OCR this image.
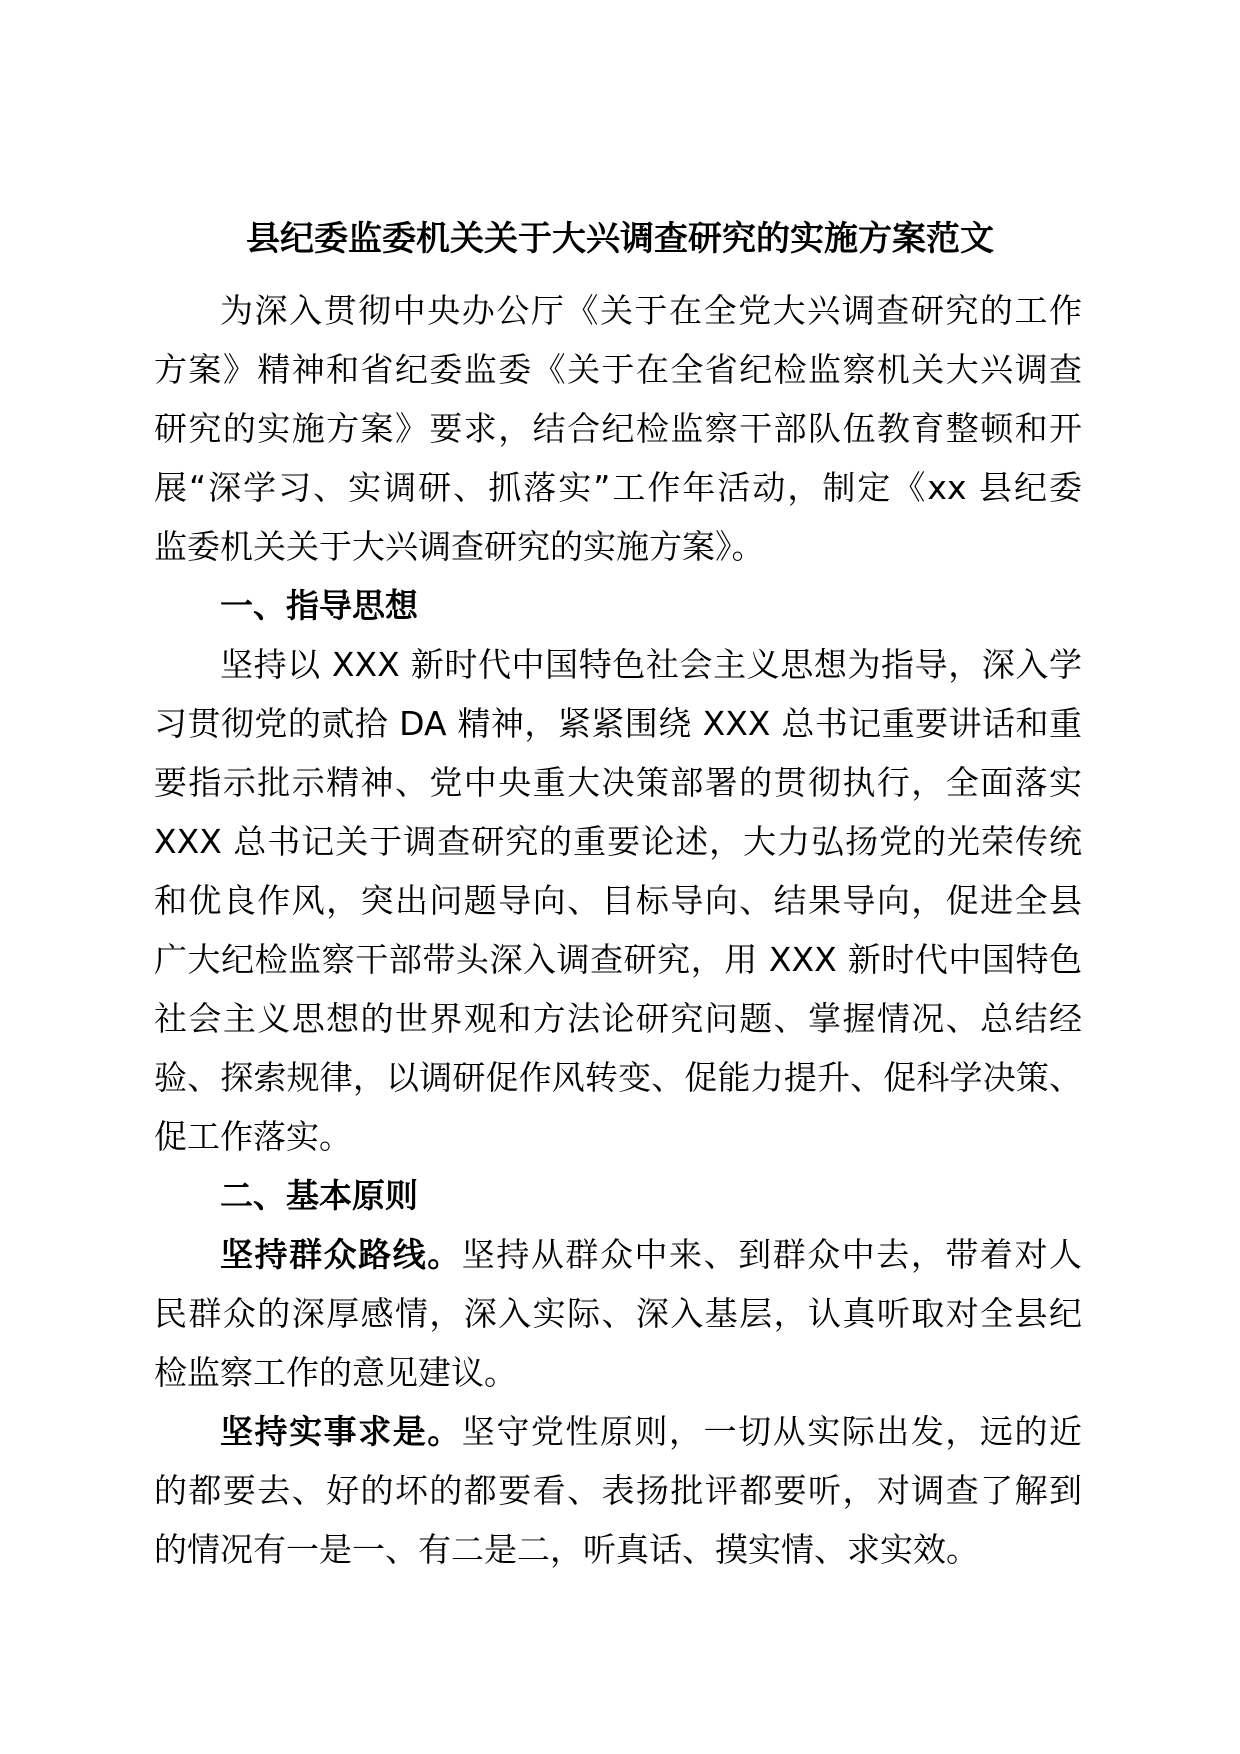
县纪委监委机关关于大兴调查研究的实施方案范文
为深入贯彻中央办公厅《关于在全党大兴调查研究的工作
方案》精神和省纪委监委《关于在全省纪检监察机关大兴调查
研究的实施方案》要求，结合纪检监察干部队伍教育整顿和开
展“深学习、实调研、抓落实”工作年活动，制定《xx 县纪委
监委机关关于大兴调查研究的实施方案》。
一、指导思想
坚持以 XXX 新时代中国特色社会主义思想为指导，深入学
习贯彻党的贰拾 DA 精神，紧紧围绕 XXX 总书记重要讲话和重
要指示批示精神、党中央重大决策部署的贯彻执行，全面落实
XXX 总书记关于调查研究的重要论述，大力弘扬党的光荣传统
和优良作风，突出问题导向、目标导向、结果导向，促进全县
广大纪检监察干部带头深入调查研究，用 XXX 新时代中国特色
社会主义思想的世界观和方法论研究问题、掌握情况、总结经
验、探索规律，以调研促作风转变、促能力提升、促科学决策、
促工作落实。
二、基本原则
坚持群众路线。坚持从群众中来、到群众中去，带着对人
民群众的深厚感情，深入实际、深入基层，认真听取对全县纪
检监察工作的意见建议。
坚持实事求是。坚守党性原则，一切从实际出发，远的近
的都要去、好的坏的都要看、表扬批评都要听，对调查了解到
的情况有一是一、有二是二，听真话、摸实情、求实效。
